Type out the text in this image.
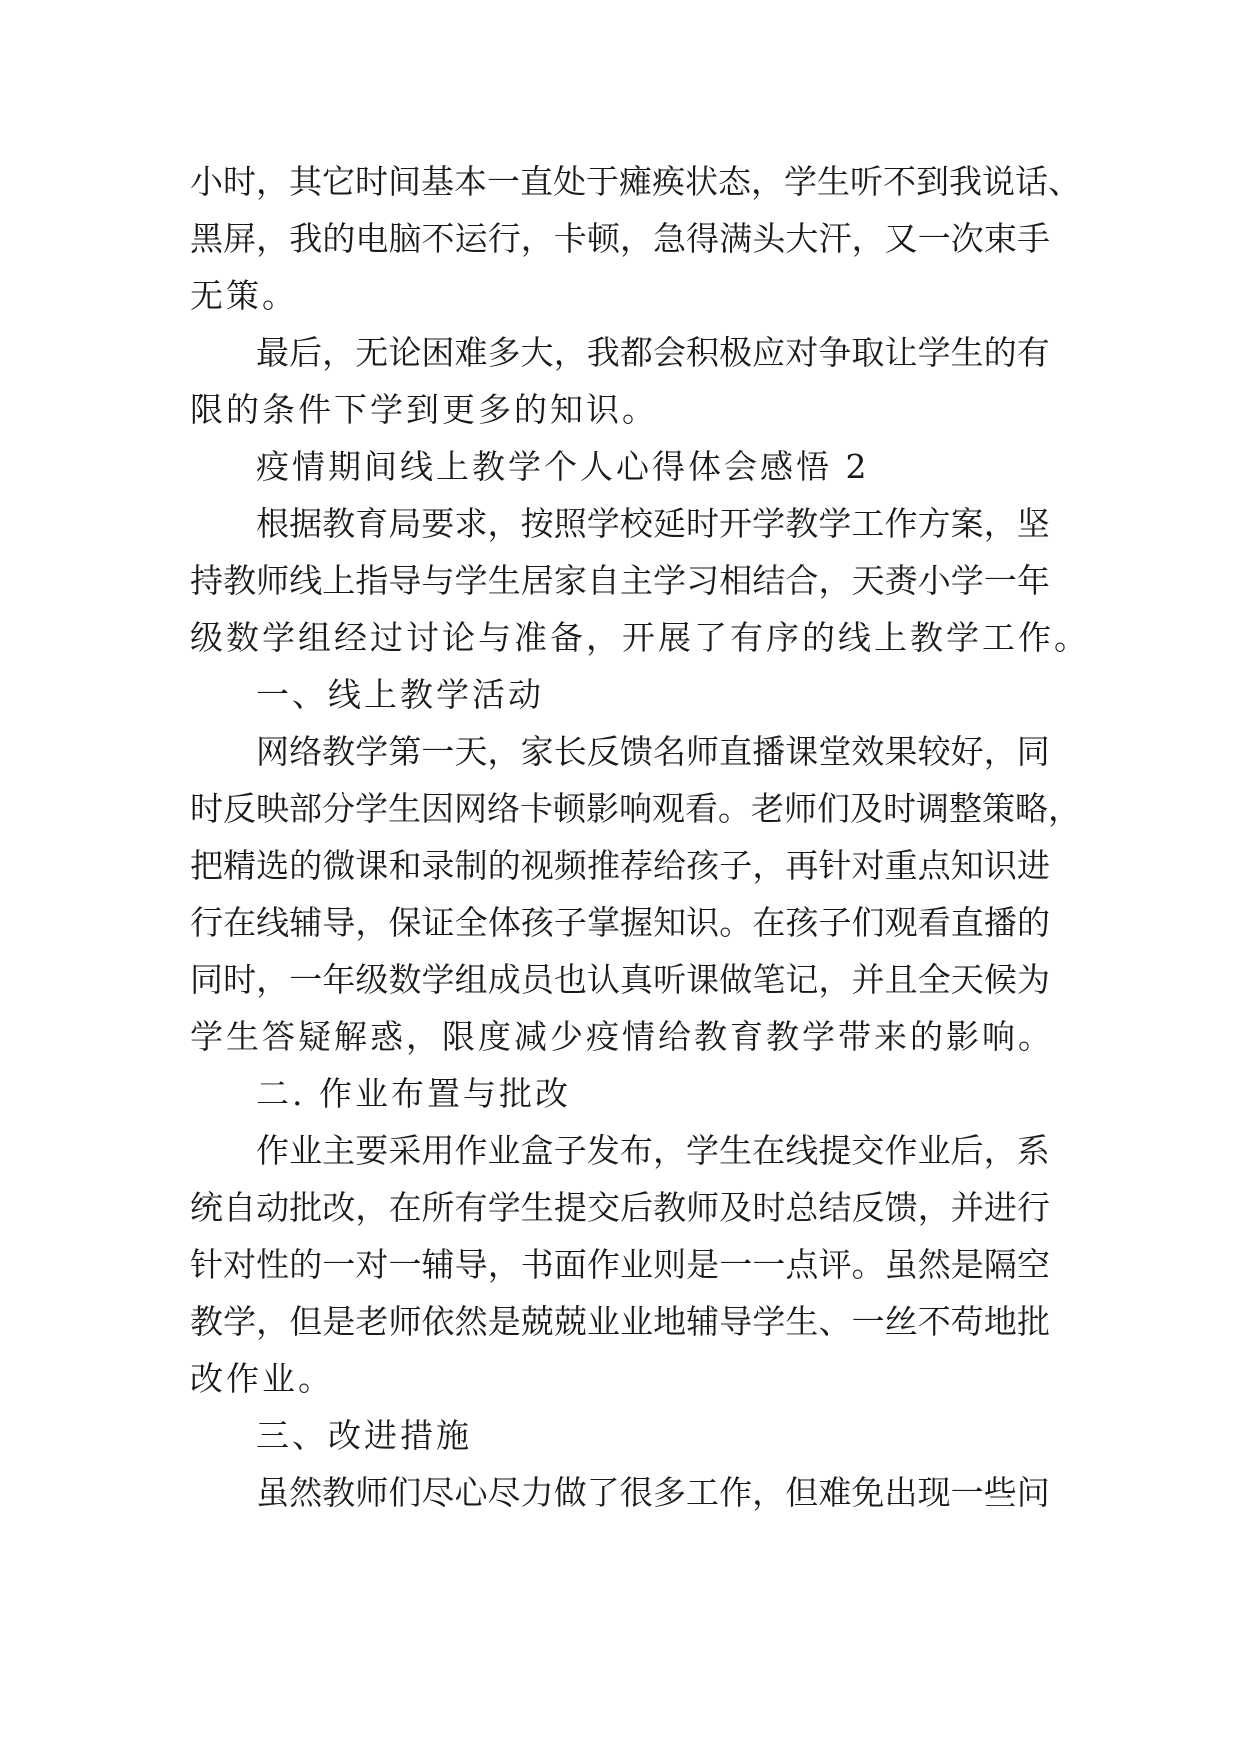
小 时 ， 其 它 时 间 基 本 一 直 处 于 瘫 痪 状 态 ， 学 生 听 不 到 我 说 话 、
黑 屏 ， 我 的 电 脑 不 运 行 ， 卡 顿 ， 急 得 满 头 大 汗 ， 又 一 次 束 手
无策。
最 后 ， 无 论 困 难 多 大 ， 我 都 会 积 极 应 对 争 取 让 学 生 的 有
限的条件下学到更多的知识。
疫情期间线上教学个人心得体会感悟 2
根 据 教 育 局 要 求 ， 按 照 学 校 延 时 开 学 教 学 工 作 方 案 ， 坚
持 教 师 线 上 指 导 与 学 生 居 家 自 主 学 习 相 结 合 ， 天 赉 小 学 一 年
级数学组经过讨论与准备，开展了有序的线上教学工作。
一、线上教学活动
网 络 教 学 第 一 天 ， 家 长 反 馈 名 师 直 播 课 堂 效 果 较 好 ， 同
时 反 映 部 分 学 生 因 网 络 卡 顿 影 响 观 看 。 老 师 们 及 时 调 整 策 略 ，
把 精 选 的 微 课 和 录 制 的 视 频 推 荐 给 孩 子 ， 再 针 对 重 点 知 识 进
行 在 线 辅 导 ， 保 证 全 体 孩 子 掌 握 知 识 。 在 孩 子 们 观 看 直 播 的
同 时 ， 一 年 级 数 学 组 成 员 也 认 真 听 课 做 笔 记 ， 并 且 全 天 候 为
学生答疑解惑，限度减少疫情给教育教学带来的影响。
二. 作业布置与批改
作 业 主 要 采 用 作 业 盒 子 发 布 ， 学 生 在 线 提 交 作 业 后 ， 系
统 自 动 批 改 ， 在 所 有 学 生 提 交 后 教 师 及 时 总 结 反 馈 ， 并 进 行
针 对 性 的 一 对 一 辅 导 ， 书 面 作 业 则 是 一 一 点 评 。 虽 然 是 隔 空
教 学 ， 但 是 老 师 依 然 是 兢 兢 业 业 地 辅 导 学 生 、 一 丝 不 苟 地 批
改作业。
三、改进措施
虽 然 教 师 们 尽 心 尽 力 做 了 很 多 工 作 ， 但 难 免 出 现 一 些 问
